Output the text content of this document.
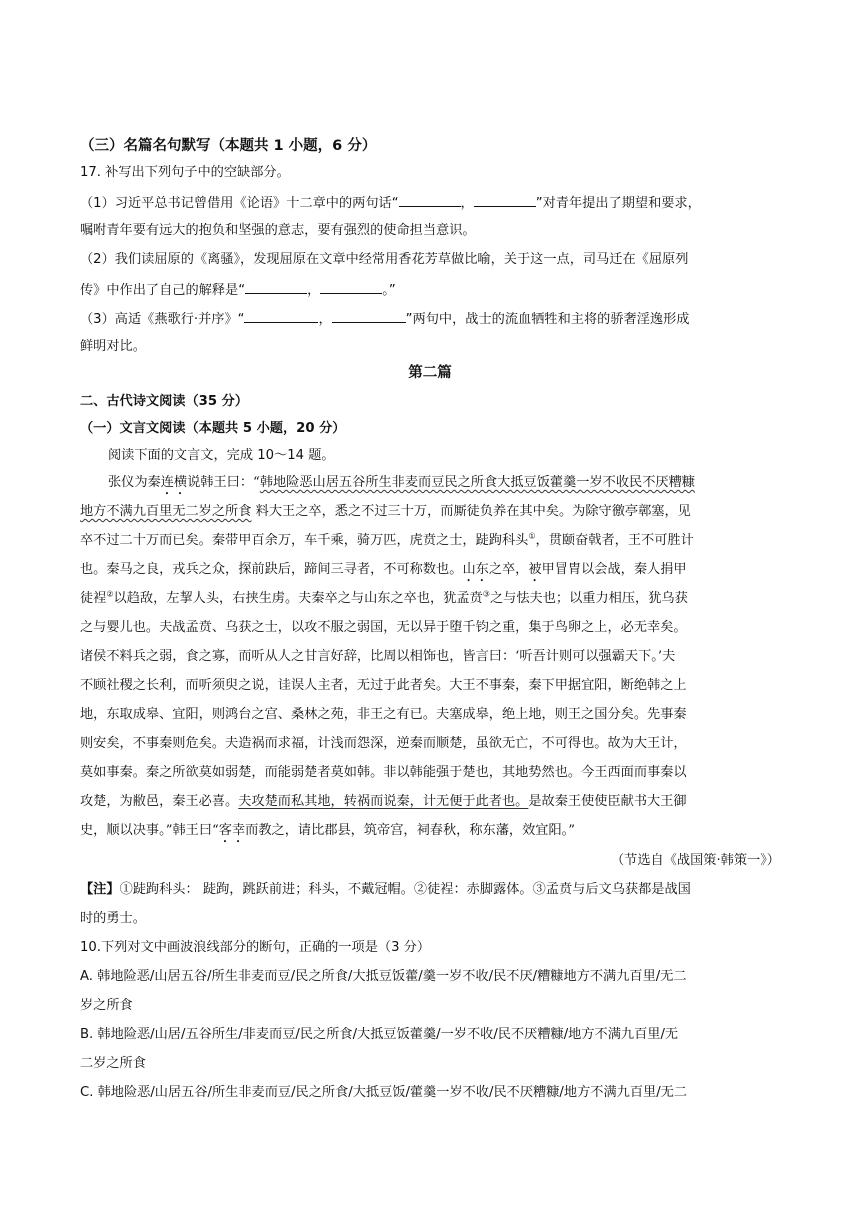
（三）名篇名句默写（本题共 1 小题，6 分）
17. 补写出下列句子中的空缺部分。
（1）习近平总书记曾借用《论语》十二章中的两句话“	，	”对青年提出了期望和要求，
嘱咐青年要有远大的抱负和坚强的意志，要有强烈的使命担当意识。
（2）我们读屈原的《离骚》，发现屈原在文章中经常用香花芳草做比喻，关于这一点，司马迁在《屈原列
传》中作出了自己的解释是“	，	。”
（3）高适《燕歌行·并序》“	，	”两句中，战士的流血牺牲和主将的骄奢淫逸形成
鲜明对比。
第二篇
二、古代诗文阅读（35 分）
（一）文言文阅读（本题共 5 小题，20 分）
阅读下面的文言文，完成 10～14 题。
张仪为秦连横说韩王曰：“韩地险恶山居五谷所生非麦而豆民之所食大抵豆饭藿羹一岁不收民不厌糟糠
地方不满九百里无二岁之所食 料大王之卒，悉之不过三十万，而厮徒负养在其中矣。为除守徼亭鄣塞，见
卒不过二十万而已矣。秦带甲百余万，车千乘，骑万匹，虎贲之士，跿跔科头①，贯颐奋戟者，王不可胜计
也。秦马之良，戎兵之众，探前趹后，蹄间三寻者，不可称数也。山东之卒，被甲冒胄以会战，秦人捐甲
徒裎②以趋敌，左挈人头，右挟生虏。夫秦卒之与山东之卒也，犹孟贲③之与怯夫也；以重力相压，犹乌获
之与婴儿也。夫战孟贲、乌获之士，以攻不服之弱国，无以异于堕千钧之重，集于鸟卵之上，必无幸矣。
诸侯不料兵之弱，食之寡，而听从人之甘言好辞，比周以相饰也，皆言曰：‘听吾计则可以强霸天下。’夫
不顾社稷之长利，而听须臾之说，诖误人主者，无过于此者矣。大王不事秦，秦下甲据宜阳，断绝韩之上
地，东取成皋、宜阳，则鸿台之宫、桑林之苑，非王之有已。夫塞成皋，绝上地，则王之国分矣。先事秦
则安矣，不事秦则危矣。夫造祸而求福，计浅而怨深，逆秦而顺楚，虽欲无亡，不可得也。故为大王计，
莫如事秦。秦之所欲莫如弱楚，而能弱楚者莫如韩。非以韩能强于楚也，其地势然也。今王西面而事秦以
攻楚，为敝邑，秦王必喜。夫攻楚而私其地，转祸而说秦，计无便于此者也。是故秦王使使臣献书大王御
史，顺以决事。”韩王曰“客幸而教之，请比郡县，筑帝宫，祠春秋，称东藩，效宜阳。”
（节选自《战国策·韩策一》）
【注】①跿跔科头： 跿跔，跳跃前进；科头，不戴冠帽。②徒裎：赤脚露体。③孟贲与后文乌获都是战国
时的勇士。
10.下列对文中画波浪线部分的断句，正确的一项是（3 分）
A. 韩地险恶/山居五谷/所生非麦而豆/民之所食/大抵豆饭藿/羹一岁不收/民不厌/糟糠地方不满九百里/无二
岁之所食
B. 韩地险恶/山居/五谷所生/非麦而豆/民之所食/大抵豆饭藿羹/一岁不收/民不厌糟糠/地方不满九百里/无
二岁之所食
C. 韩地险恶/山居五谷/所生非麦而豆/民之所食/大抵豆饭/藿羹一岁不收/民不厌糟糠/地方不满九百里/无二
